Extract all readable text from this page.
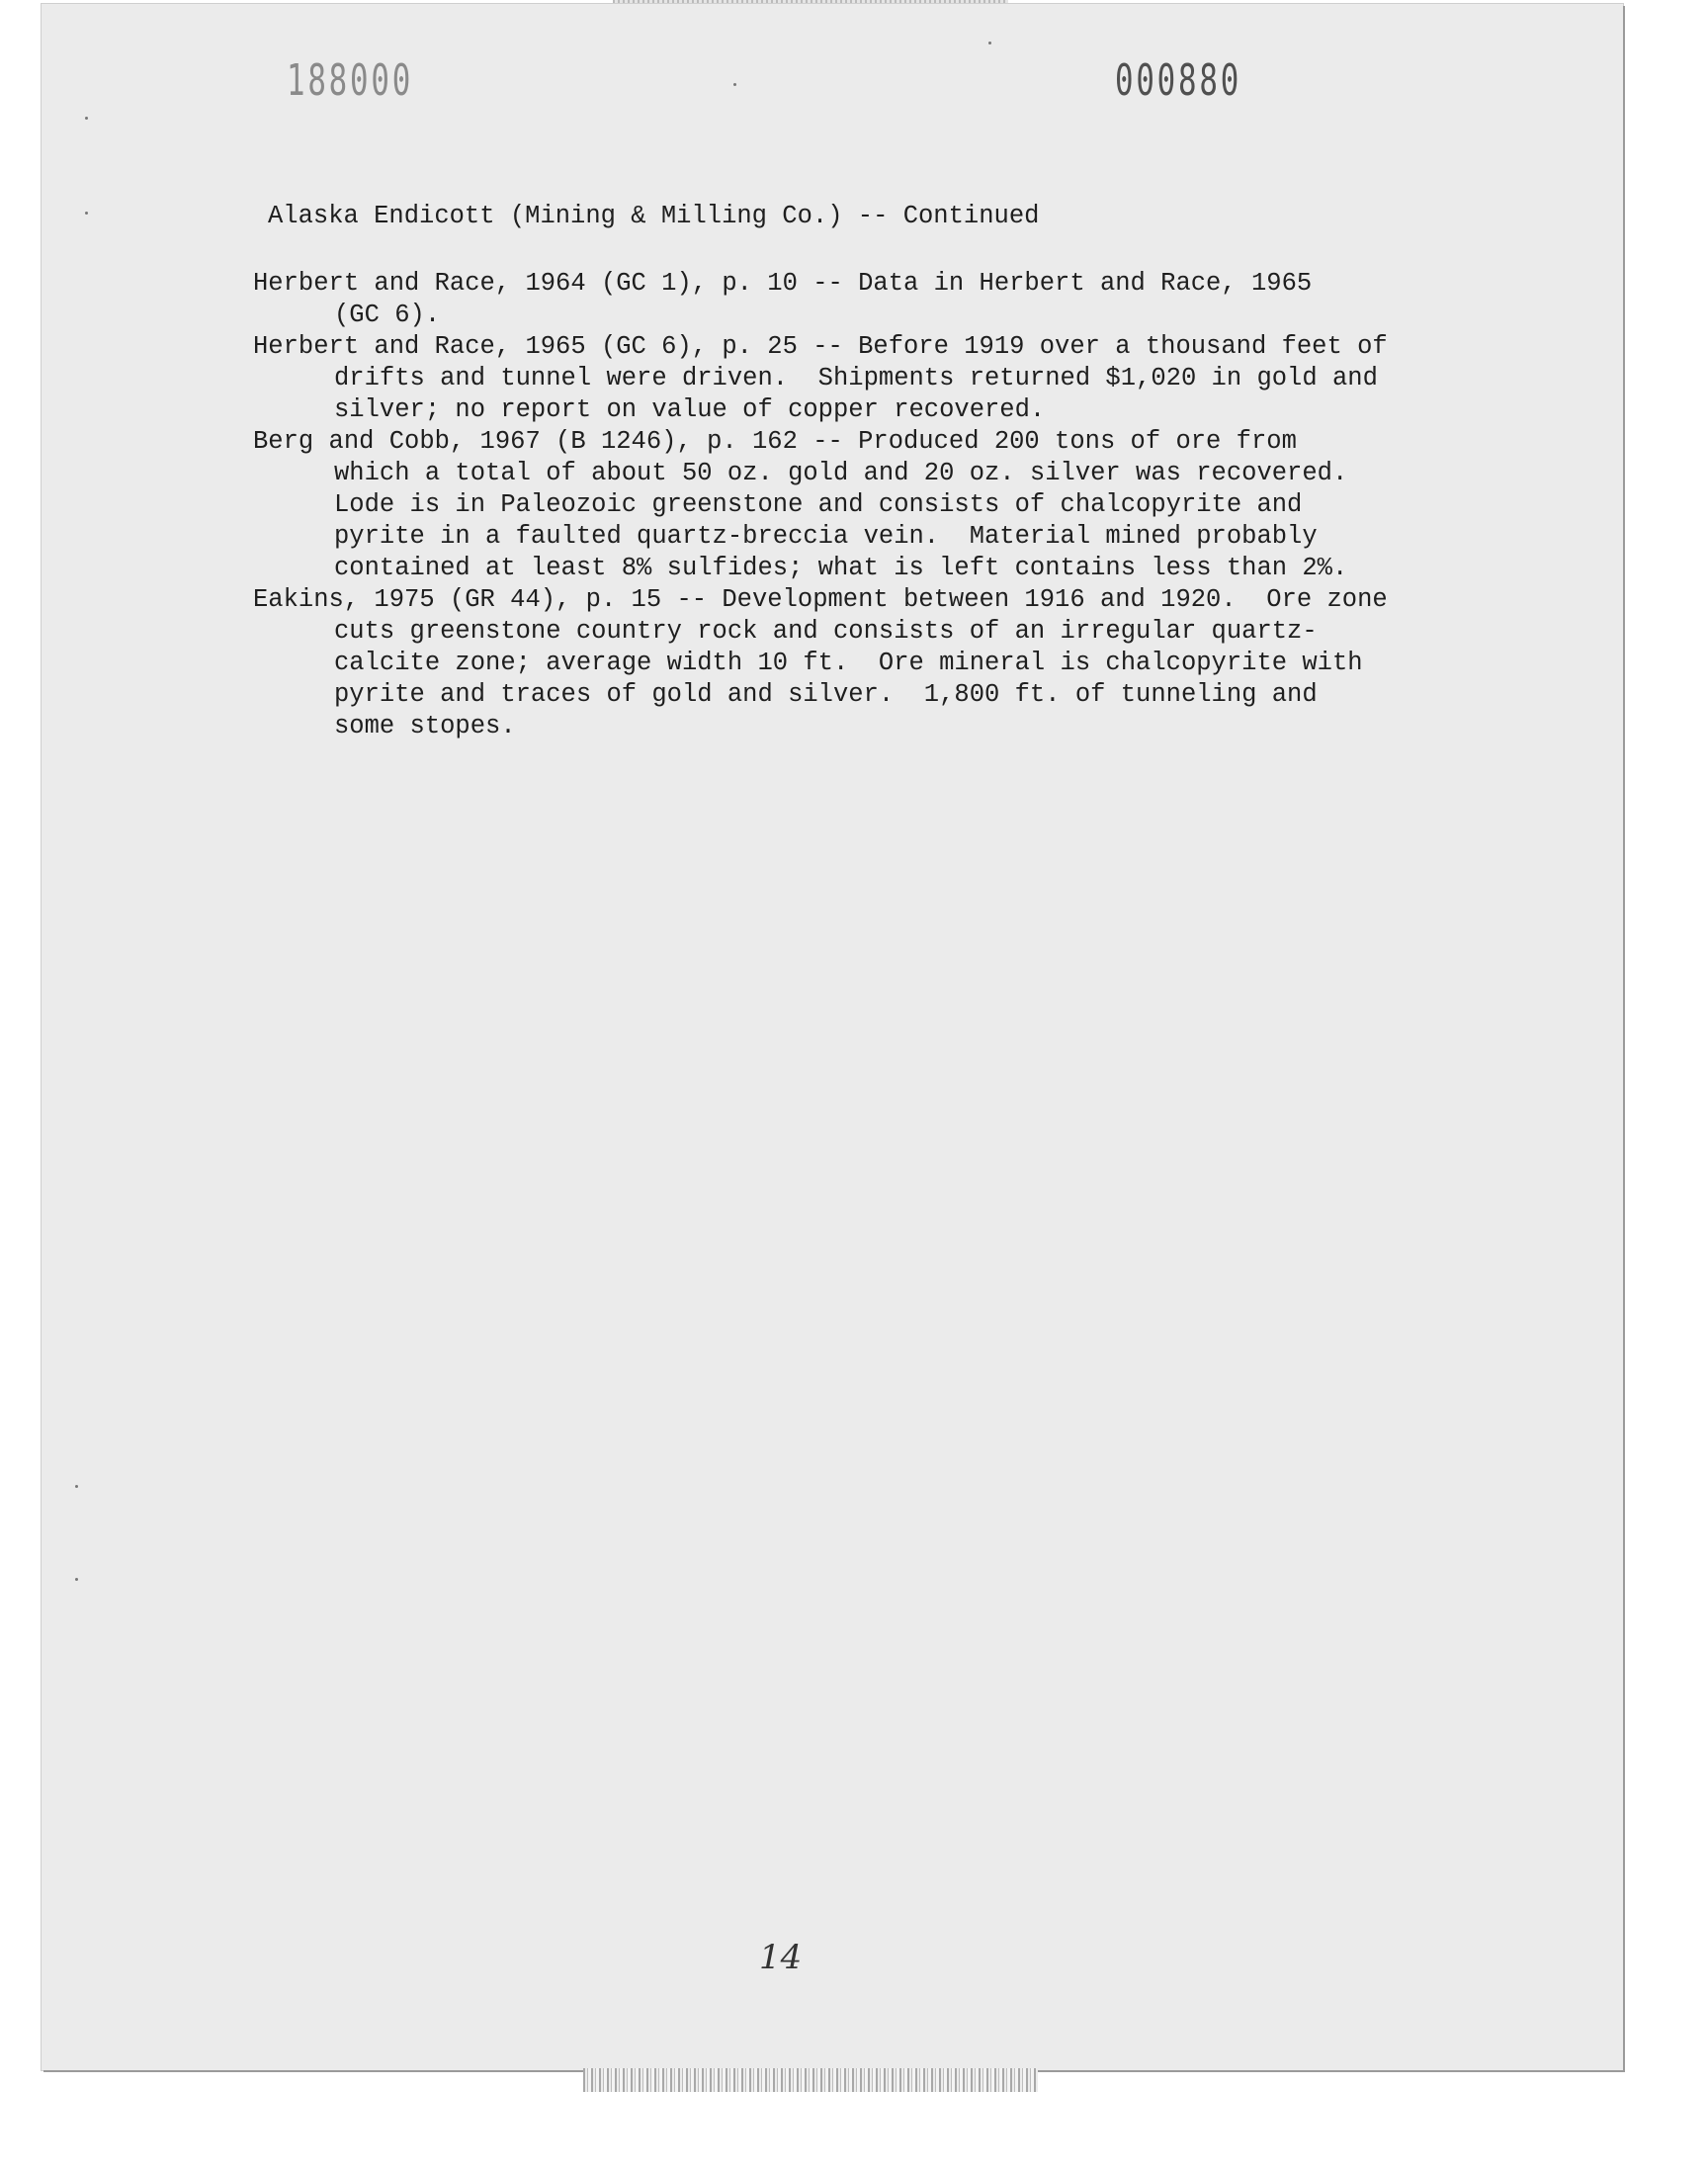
188000	000880
Alaska Endicott (Mining & Milling Co.) -- Continued
Herbert and Race, 1964 (GC 1), p. 10 -- Data in Herbert and Race, 1965
(GC 6).
Herbert and Race, 1965 (GC 6), p. 25 -- Before 1919 over a thousand feet of
drifts and tunnel were driven.  Shipments returned $1,020 in gold and
silver; no report on value of copper recovered.
Berg and Cobb, 1967 (B 1246), p. 162 -- Produced 200 tons of ore from
which a total of about 50 oz. gold and 20 oz. silver was recovered.
Lode is in Paleozoic greenstone and consists of chalcopyrite and
pyrite in a faulted quartz-breccia vein.  Material mined probably
contained at least 8% sulfides; what is left contains less than 2%.
Eakins, 1975 (GR 44), p. 15 -- Development between 1916 and 1920.  Ore zone
cuts greenstone country rock and consists of an irregular quartz-
calcite zone; average width 10 ft.  Ore mineral is chalcopyrite with
pyrite and traces of gold and silver.  1,800 ft. of tunneling and
some stopes.
14
